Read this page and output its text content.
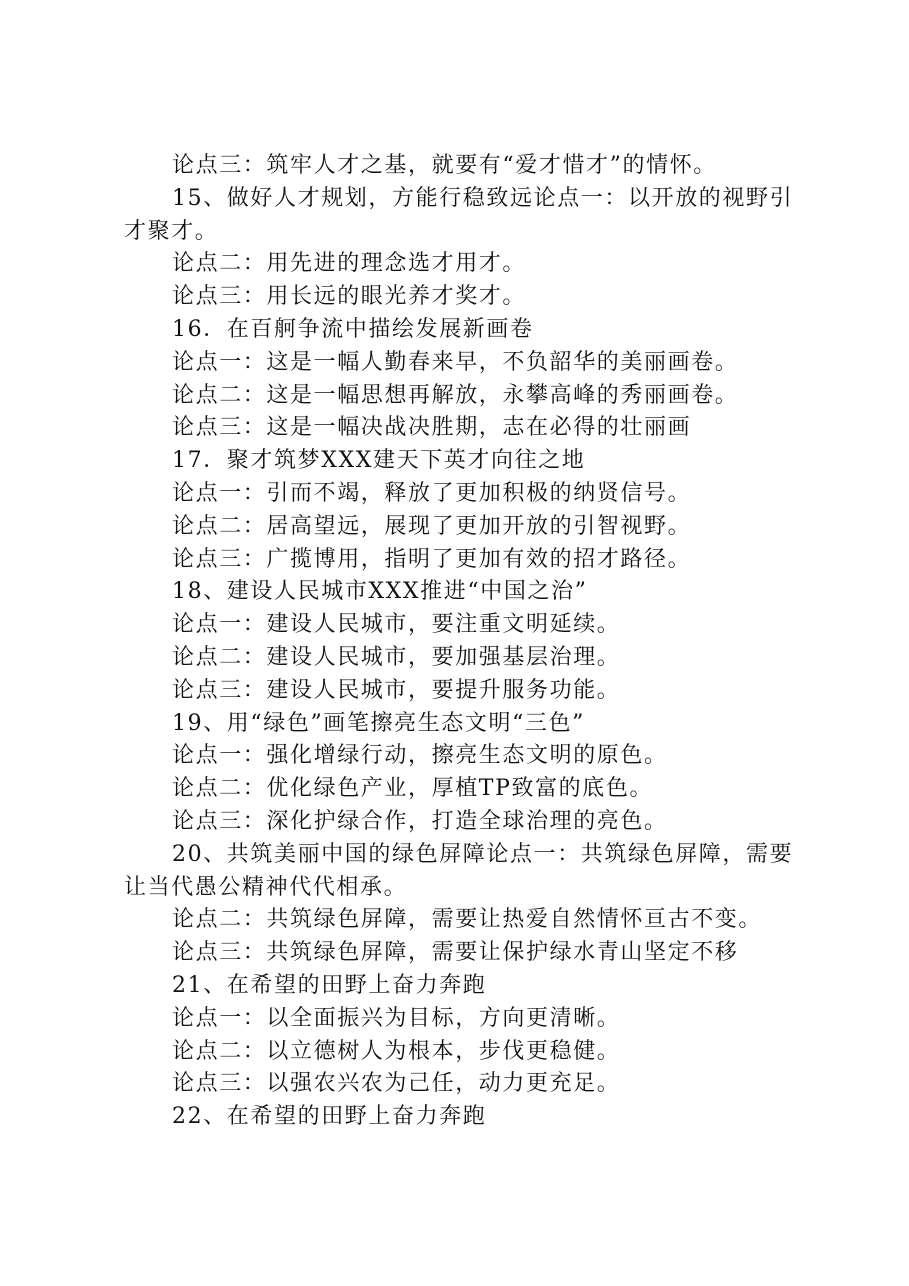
论点三：筑牢人才之基，就要有“爱才惜才”的情怀。
15、做好人才规划，方能行稳致远论点一：以开放的视野引才聚才。
论点二：用先进的理念选才用才。
论点三：用长远的眼光养才奖才。
16．在百舸争流中描绘发展新画卷
论点一：这是一幅人勤春来早，不负韶华的美丽画卷。
论点二：这是一幅思想再解放，永攀高峰的秀丽画卷。
论点三：这是一幅决战决胜期，志在必得的壮丽画
17．聚才筑梦XXX建天下英才向往之地
论点一：引而不竭，释放了更加积极的纳贤信号。
论点二：居高望远，展现了更加开放的引智视野。
论点三：广揽博用，指明了更加有效的招才路径。
18、建设人民城市XXX推进“中国之治”
论点一：建设人民城市，要注重文明延续。
论点二：建设人民城市，要加强基层治理。
论点三：建设人民城市，要提升服务功能。
19、用“绿色”画笔擦亮生态文明“三色”
论点一：强化增绿行动，擦亮生态文明的原色。
论点二：优化绿色产业，厚植TP致富的底色。
论点三：深化护绿合作，打造全球治理的亮色。
20、共筑美丽中国的绿色屏障论点一：共筑绿色屏障，需要让当代愚公精神代代相承。
论点二：共筑绿色屏障，需要让热爱自然情怀亘古不变。
论点三：共筑绿色屏障，需要让保护绿水青山坚定不移
21、在希望的田野上奋力奔跑
论点一：以全面振兴为目标，方向更清晰。
论点二：以立德树人为根本，步伐更稳健。
论点三：以强农兴农为己任，动力更充足。
22、在希望的田野上奋力奔跑
